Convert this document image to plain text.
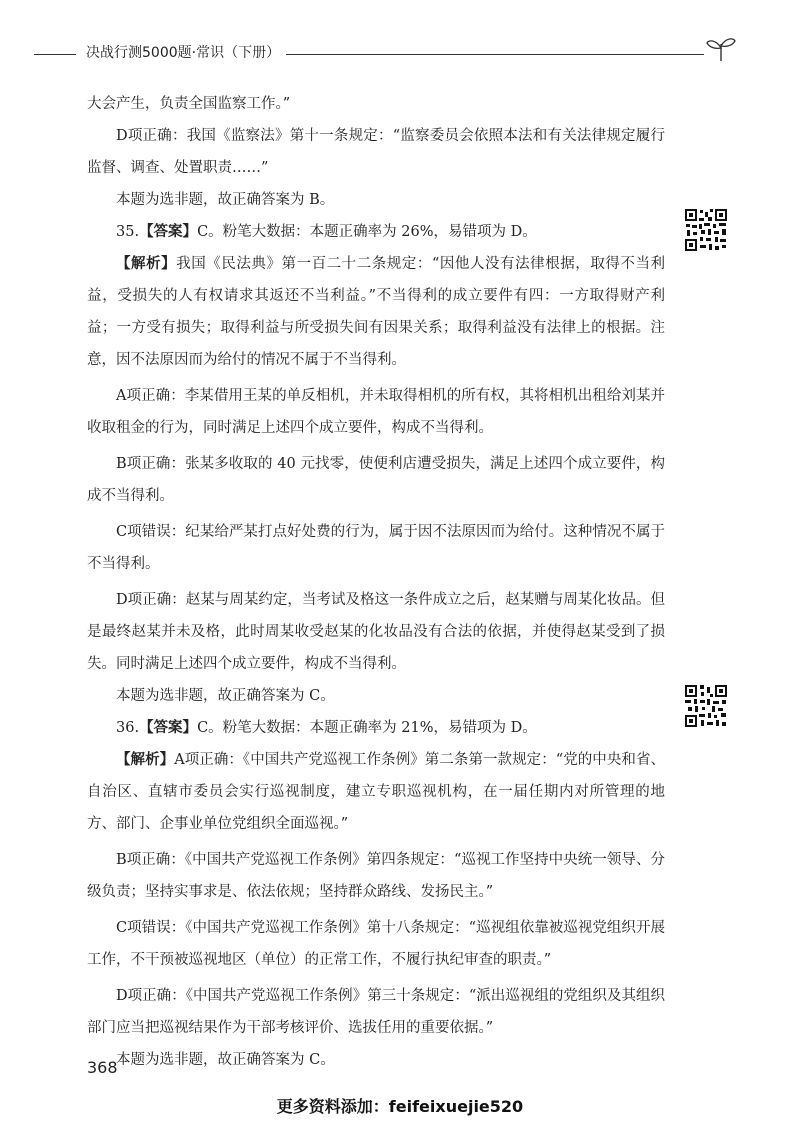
决战行测5000题·常识（下册）

大会产生，负责全国监察工作。”

D项正确：我国《监察法》第十一条规定：“监察委员会依照本法和有关法律规定履行监督、调查、处置职责……”

本题为选非题，故正确答案为 B。

35.【答案】C。粉笔大数据：本题正确率为 26%，易错项为 D。

【解析】我国《民法典》第一百二十二条规定：“因他人没有法律根据，取得不当利益，受损失的人有权请求其返还不当利益。”不当得利的成立要件有四：一方取得财产利益；一方受有损失；取得利益与所受损失间有因果关系；取得利益没有法律上的根据。注意，因不法原因而为给付的情况不属于不当得利。

A项正确：李某借用王某的单反相机，并未取得相机的所有权，其将相机出租给刘某并收取租金的行为，同时满足上述四个成立要件，构成不当得利。

B项正确：张某多收取的 40 元找零，使便利店遭受损失，满足上述四个成立要件，构成不当得利。

C项错误：纪某给严某打点好处费的行为，属于因不法原因而为给付。这种情况不属于不当得利。

D项正确：赵某与周某约定，当考试及格这一条件成立之后，赵某赠与周某化妆品。但是最终赵某并未及格，此时周某收受赵某的化妆品没有合法的依据，并使得赵某受到了损失。同时满足上述四个成立要件，构成不当得利。

本题为选非题，故正确答案为 C。

36.【答案】C。粉笔大数据：本题正确率为 21%，易错项为 D。

【解析】A项正确：《中国共产党巡视工作条例》第二条第一款规定：“党的中央和省、自治区、直辖市委员会实行巡视制度，建立专职巡视机构，在一届任期内对所管理的地方、部门、企事业单位党组织全面巡视。”

B项正确：《中国共产党巡视工作条例》第四条规定：“巡视工作坚持中央统一领导、分级负责；坚持实事求是、依法依规；坚持群众路线、发扬民主。”

C项错误：《中国共产党巡视工作条例》第十八条规定：“巡视组依靠被巡视党组织开展工作，不干预被巡视地区（单位）的正常工作，不履行执纪审查的职责。”

D项正确：《中国共产党巡视工作条例》第三十条规定：“派出巡视组的党组织及其组织部门应当把巡视结果作为干部考核评价、选拔任用的重要依据。”

本题为选非题，故正确答案为 C。

368
更多资料添加：feifeixuejie520
